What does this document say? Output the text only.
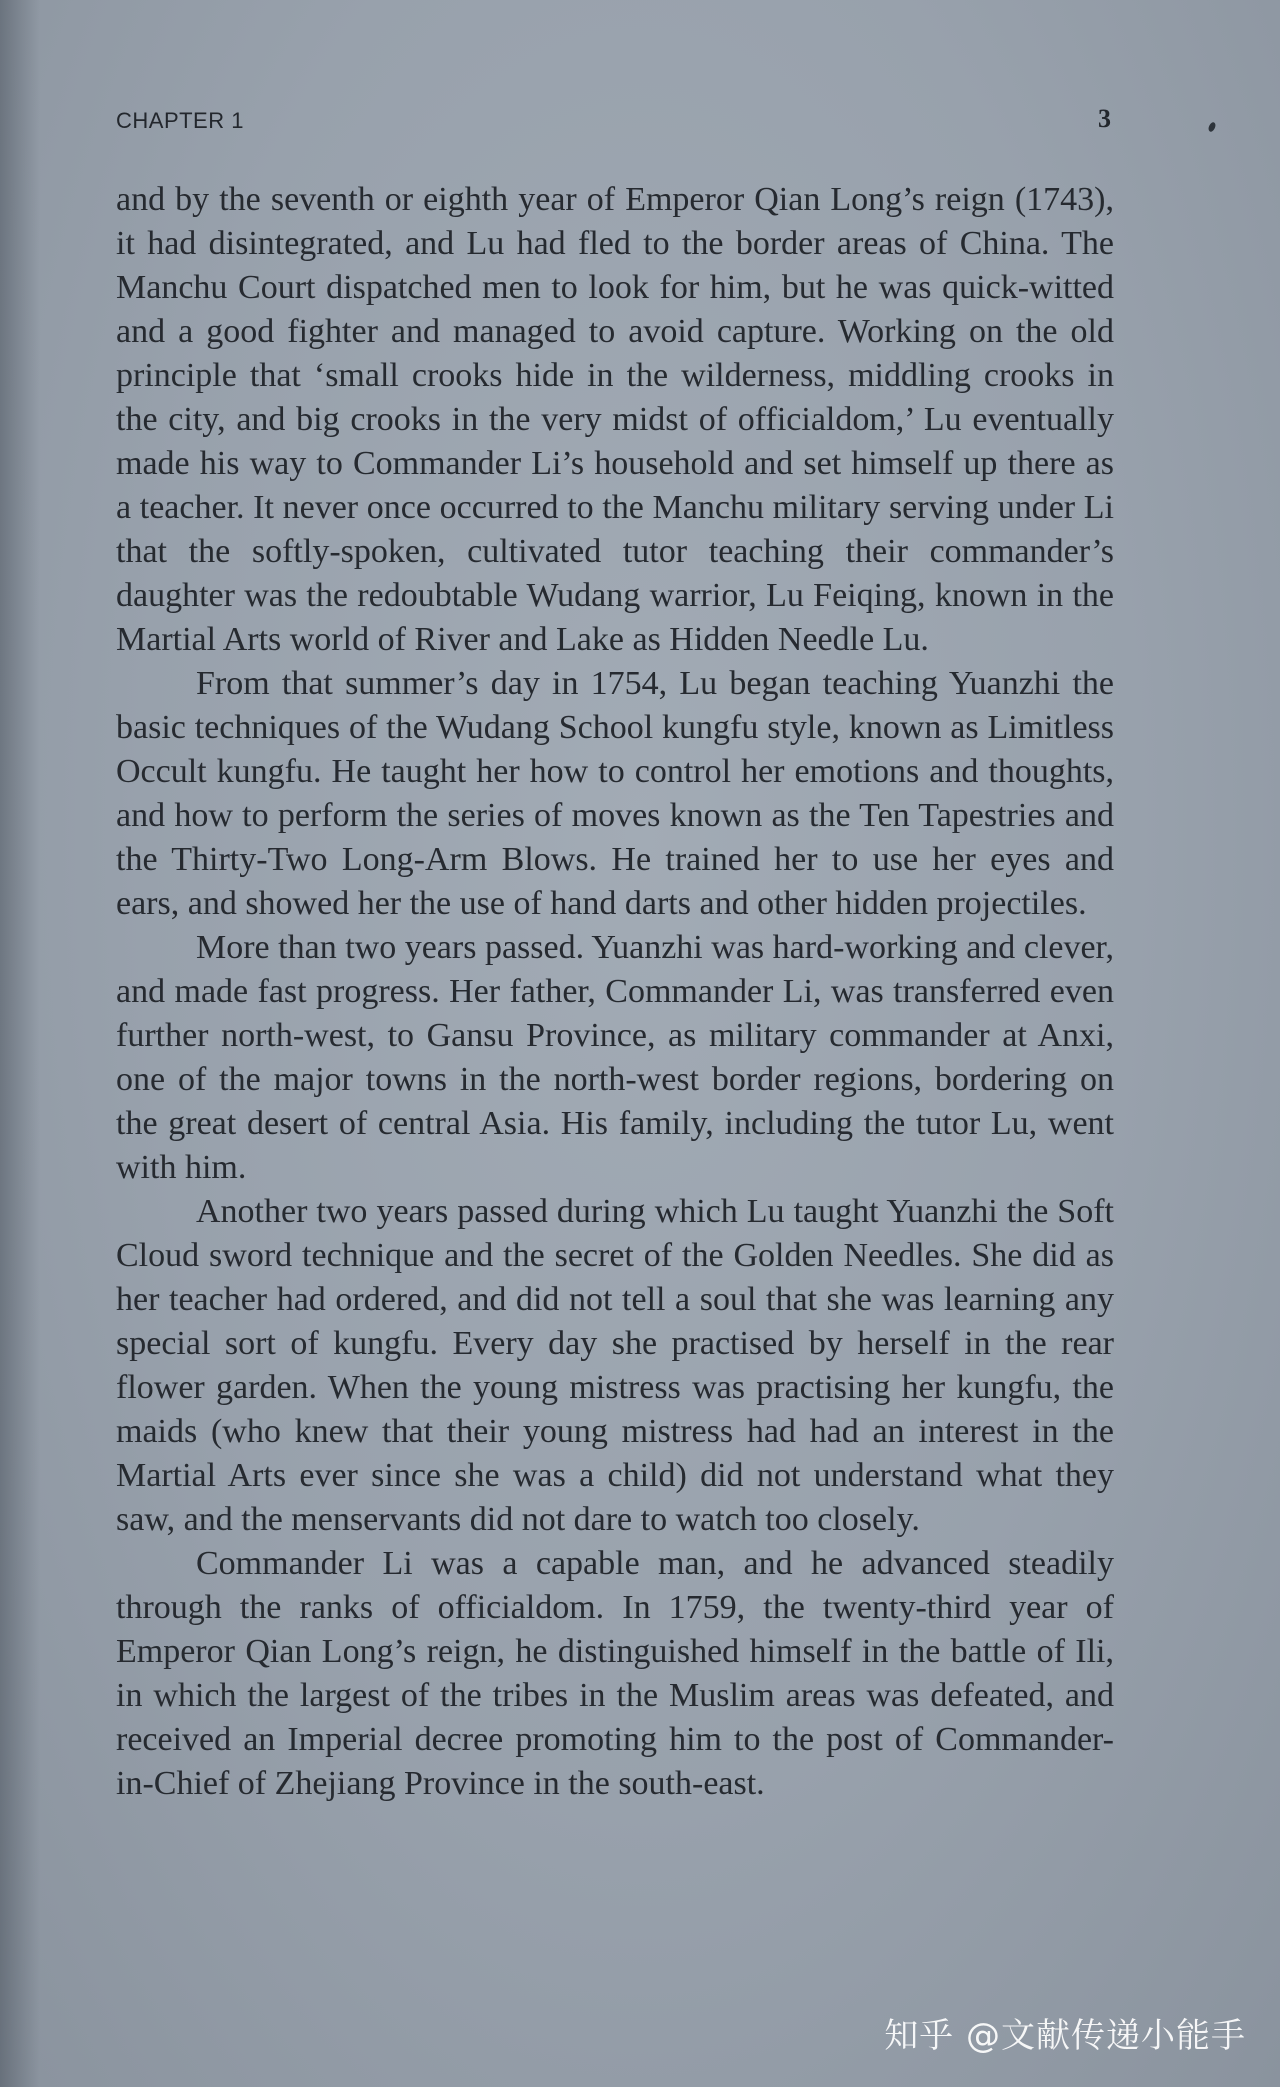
CHAPTER 1	3

and by the seventh or eighth year of Emperor Qian Long’s reign (1743), it had disintegrated, and Lu had fled to the border areas of China. The Manchu Court dispatched men to look for him, but he was quick-witted and a good fighter and managed to avoid capture. Working on the old principle that ‘small crooks hide in the wilderness, middling crooks in the city, and big crooks in the very midst of officialdom,’ Lu eventually made his way to Commander Li’s household and set himself up there as a teacher. It never once occurred to the Manchu military serving under Li that the softly-spoken, cultivated tutor teaching their commander’s daughter was the redoubtable Wudang warrior, Lu Feiqing, known in the Martial Arts world of River and Lake as Hidden Needle Lu.

From that summer’s day in 1754, Lu began teaching Yuanzhi the basic techniques of the Wudang School kungfu style, known as Limitless Occult kungfu. He taught her how to control her emotions and thoughts, and how to perform the series of moves known as the Ten Tapestries and the Thirty-Two Long-Arm Blows. He trained her to use her eyes and ears, and showed her the use of hand darts and other hidden projectiles.

More than two years passed. Yuanzhi was hard-working and clever, and made fast progress. Her father, Commander Li, was transferred even further north-west, to Gansu Province, as military commander at Anxi, one of the major towns in the north-west border regions, bordering on the great desert of central Asia. His family, including the tutor Lu, went with him.

Another two years passed during which Lu taught Yuanzhi the Soft Cloud sword technique and the secret of the Golden Needles. She did as her teacher had ordered, and did not tell a soul that she was learning any special sort of kungfu. Every day she practised by herself in the rear flower garden. When the young mistress was practising her kungfu, the maids (who knew that their young mistress had had an interest in the Martial Arts ever since she was a child) did not understand what they saw, and the menservants did not dare to watch too closely.

Commander Li was a capable man, and he advanced steadily through the ranks of officialdom. In 1759, the twenty-third year of Emperor Qian Long’s reign, he distinguished himself in the battle of Ili, in which the largest of the tribes in the Muslim areas was defeated, and received an Imperial decree promoting him to the post of Commander-in-Chief of Zhejiang Province in the south-east.

知乎 @文献传递小能手
